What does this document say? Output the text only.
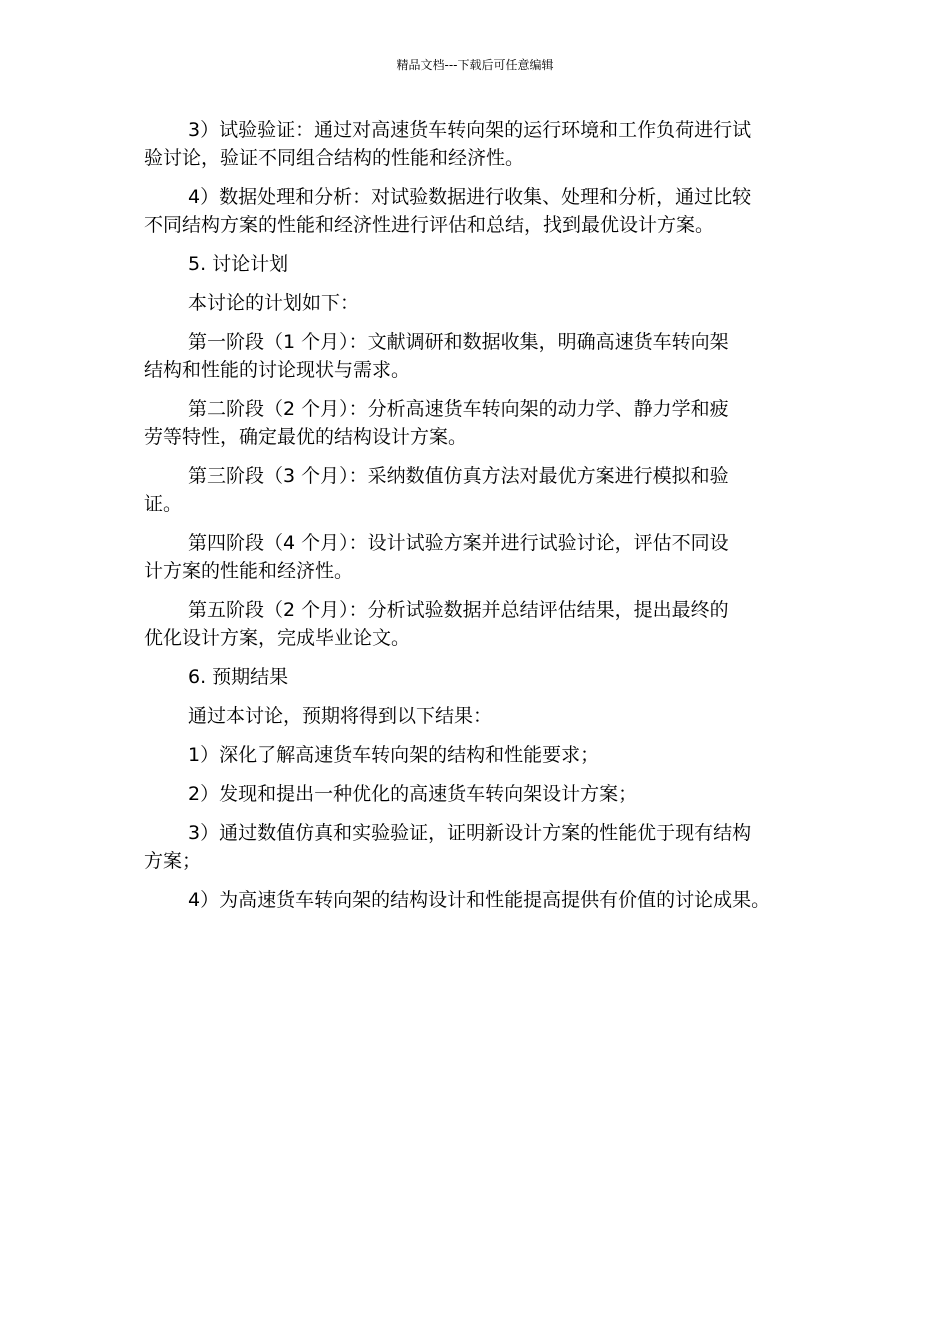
精品文档---下载后可任意编辑

3）试验验证：通过对高速货车转向架的运行环境和工作负荷进行试
验讨论，验证不同组合结构的性能和经济性。

4）数据处理和分析：对试验数据进行收集、处理和分析，通过比较
不同结构方案的性能和经济性进行评估和总结，找到最优设计方案。

5. 讨论计划

本讨论的计划如下：

第一阶段（1 个月）：文献调研和数据收集，明确高速货车转向架
结构和性能的讨论现状与需求。

第二阶段（2 个月）：分析高速货车转向架的动力学、静力学和疲
劳等特性，确定最优的结构设计方案。

第三阶段（3 个月）：采纳数值仿真方法对最优方案进行模拟和验
证。

第四阶段（4 个月）：设计试验方案并进行试验讨论，评估不同设
计方案的性能和经济性。

第五阶段（2 个月）：分析试验数据并总结评估结果，提出最终的
优化设计方案，完成毕业论文。

6. 预期结果

通过本讨论，预期将得到以下结果：

1）深化了解高速货车转向架的结构和性能要求；

2）发现和提出一种优化的高速货车转向架设计方案；

3）通过数值仿真和实验验证，证明新设计方案的性能优于现有结构
方案；

4）为高速货车转向架的结构设计和性能提高提供有价值的讨论成果。
